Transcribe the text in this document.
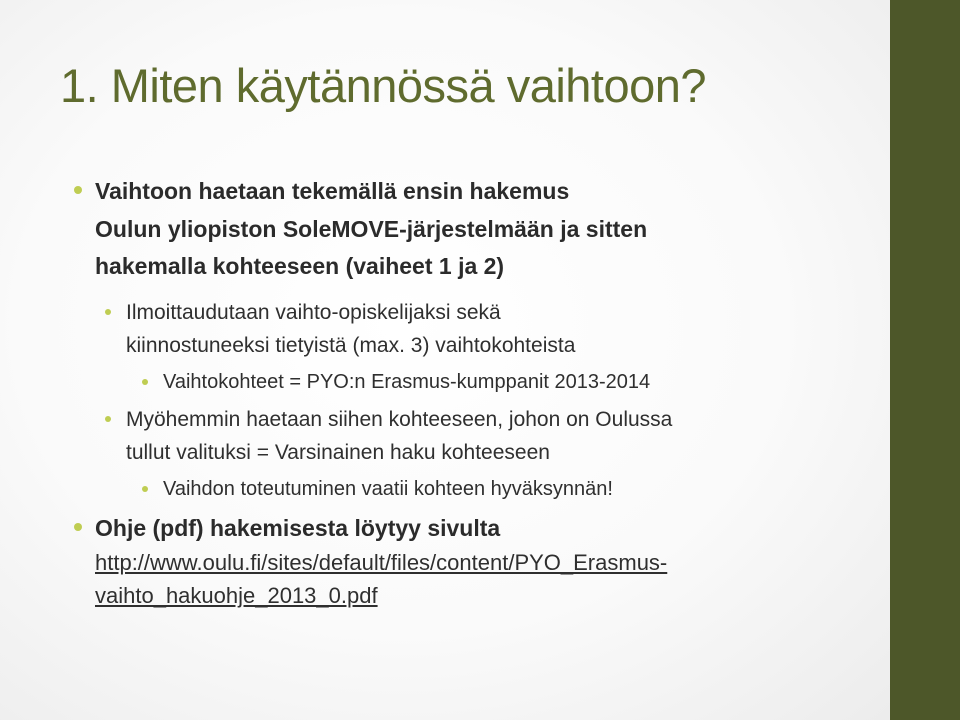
1. Miten käytännössä vaihtoon?
Vaihtoon haetaan tekemällä ensin hakemus
Oulun yliopiston SoleMOVE-järjestelmään ja sitten
hakemalla kohteeseen (vaiheet 1 ja 2)
Ilmoittaudutaan vaihto-opiskelijaksi sekä
kiinnostuneeksi tietyistä (max. 3) vaihtokohteista
Vaihtokohteet = PYO:n Erasmus-kumppanit 2013-2014
Myöhemmin haetaan siihen kohteeseen, johon on Oulussa
tullut valituksi = Varsinainen haku kohteeseen
Vaihdon toteutuminen vaatii kohteen hyväksynnän!
Ohje (pdf) hakemisesta löytyy sivulta
http://www.oulu.fi/sites/default/files/content/PYO_Erasmus-
vaihto_hakuohje_2013_0.pdf
